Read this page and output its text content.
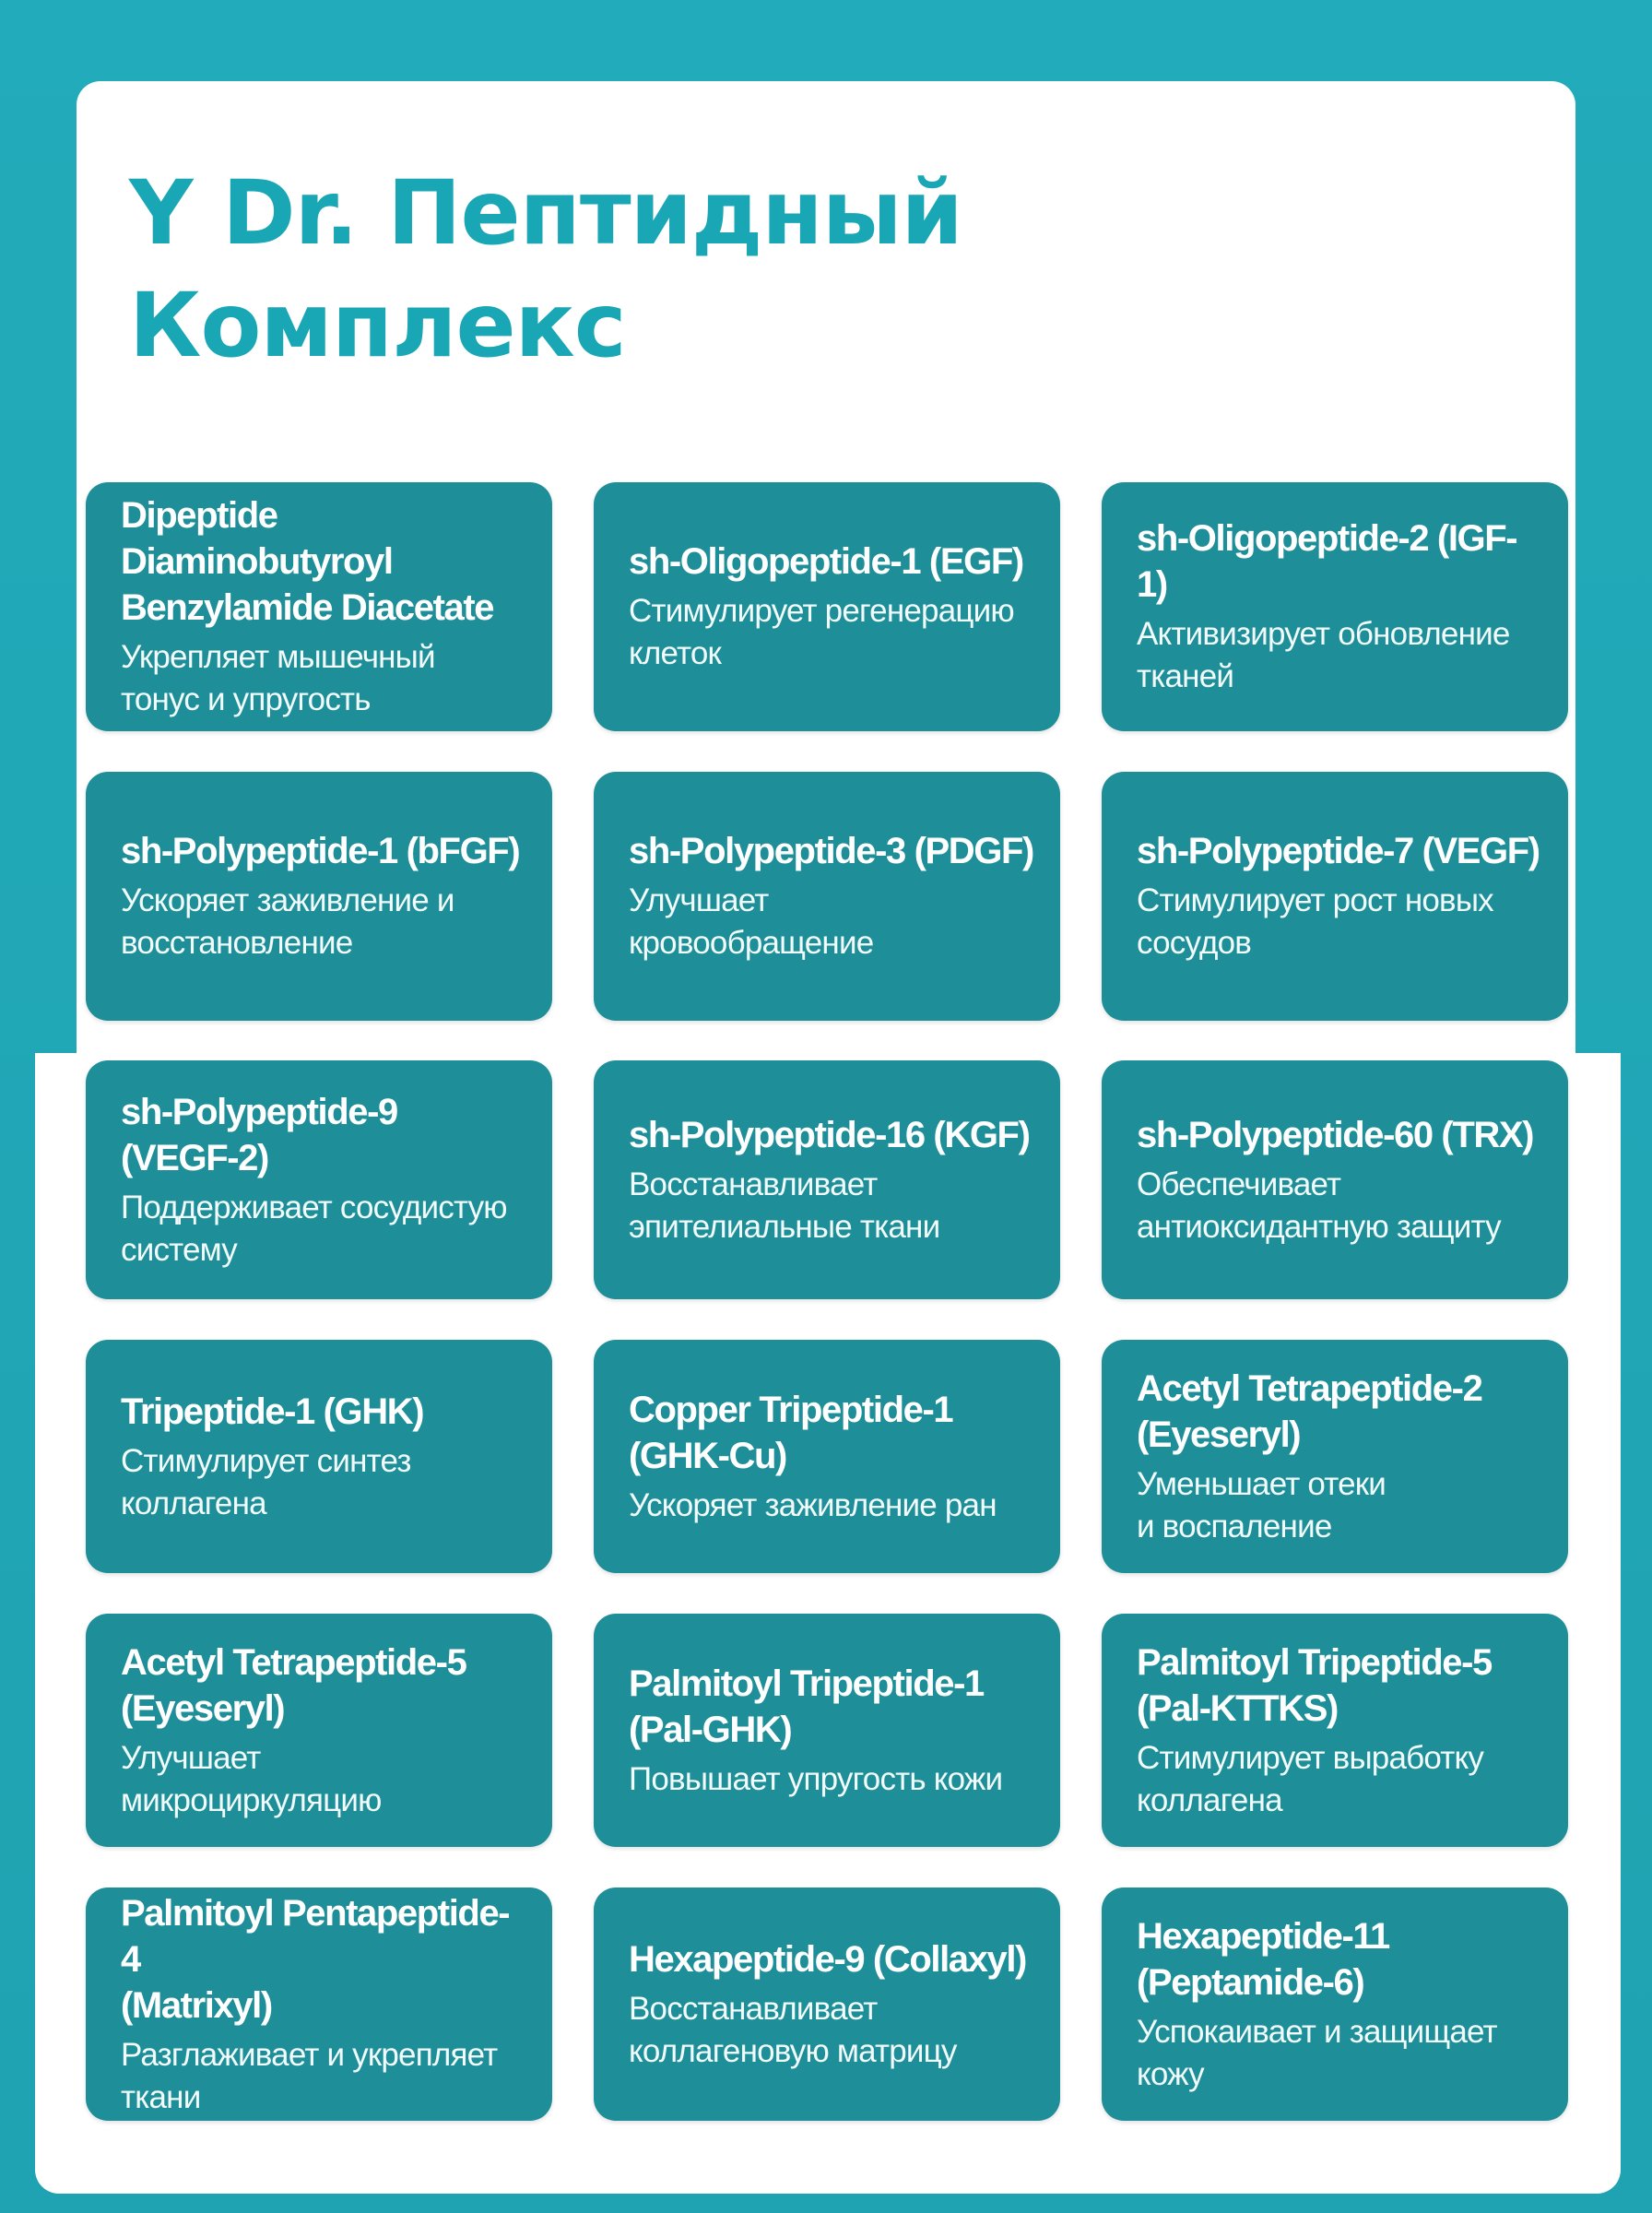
Y Dr. Пептидный
Комплекс
Dipeptide Diaminobutyroyl
Benzylamide Diacetate
Укрепляет мышечный
тонус и упругость
sh-Oligopeptide-1 (EGF)
Стимулирует регенерацию
клеток
sh-Oligopeptide-2 (IGF-1)
Активизирует обновление
тканей
sh-Polypeptide-1 (bFGF)
Ускоряет заживление и
восстановление
sh-Polypeptide-3 (PDGF)
Улучшает
кровообращение
sh-Polypeptide-7 (VEGF)
Стимулирует рост новых
сосудов
sh-Polypeptide-9
(VEGF-2)
Поддерживает сосудистую
систему
sh-Polypeptide-16 (KGF)
Восстанавливает
эпителиальные ткани
sh-Polypeptide-60 (TRX)
Обеспечивает
антиоксидантную защиту
Tripeptide-1 (GHK)
Стимулирует синтез
коллагена
Copper Tripeptide-1
(GHK-Cu)
Ускоряет заживление ран
Acetyl Tetrapeptide-2
(Eyeseryl)
Уменьшает отеки
и воспаление
Acetyl Tetrapeptide-5
(Eyeseryl)
Улучшает
микроциркуляцию
Palmitoyl Tripeptide-1
(Pal-GHK)
Повышает упругость кожи
Palmitoyl Tripeptide-5
(Pal-KTTKS)
Стимулирует выработку
коллагена
Palmitoyl Pentapeptide-4
(Matrixyl)
Разглаживает и укрепляет
ткани
Hexapeptide-9 (Collaxyl)
Восстанавливает
коллагеновую матрицу
Hexapeptide-11
(Peptamide-6)
Успокаивает и защищает
кожу
